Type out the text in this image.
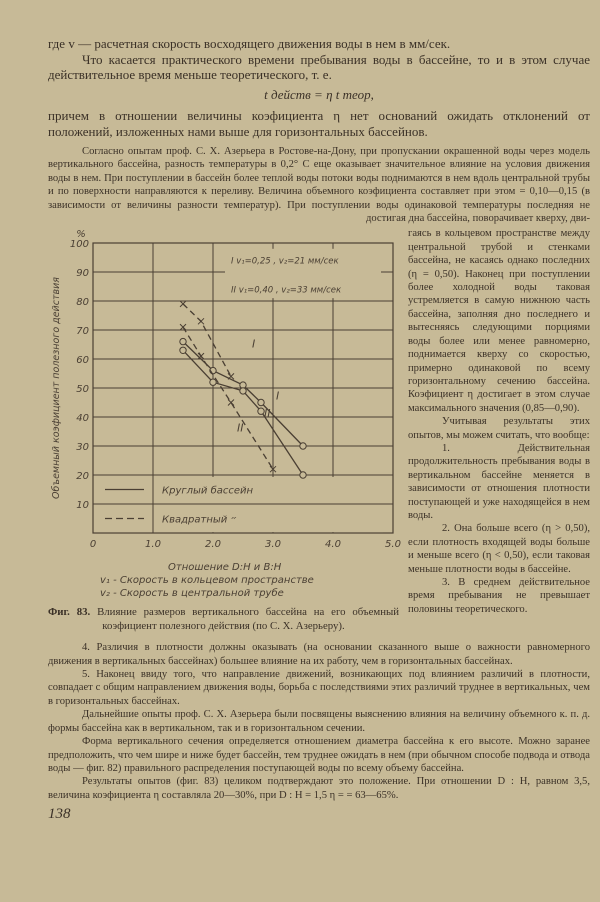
где v — расчетная скорость восходящего движения воды в нем в мм/сек.

Что касается практического времени пребывания воды в бассейне, то и в этом случае действительное время меньше теоретического, т. е.

t действ = η t теор,

причем в отношении величины коэфициента η нет оснований ожидать отклонений от положений, изложенных нами выше для горизонтальных бассейнов.

Согласно опытам проф. С. Х. Азерьера в Ростове-на-Дону, при пропускании окрашенной воды через модель вертикального бассейна, разность температуры в 0,2° С еще оказывает значительное влияние на условия движения воды в нем. При поступлении в бассейн более теплой воды потоки воды поднимаются в нем вдоль центральной трубы и по поверхности направляются к переливу. Величина объемного коэфициента составляет при этом = 0,10—0,15 (в зависимости от величины разности температур). При поступлении воды одинаковой температуры последняя не достигая дна бассейна, поворачивает кверху, дви-

0	1.0	2.0	3.0	4.0	5.0
10
20
30
40
50
60
70
80
90
100
%
Объемный коэфициент полезного действия
I v₁=0,25 , v₂=21 мм/сек
II v₁=0,40 , v₂=33 мм/сек
Круглый бассейн
Квадратный ״
I
I
II
II
Отношение D:H и B:H
v₁ - Скорость в кольцевом пространстве
v₂ - Скорость в центральной трубе
Фиг. 83. Влияние размеров вертикального бассейна на его объемный коэфициент полезного действия (по С. Х. Азерьеру).

гаясь в кольцевом пространстве между центральной трубой и стенками бассейна, не касаясь однако последних (η = 0,50). Наконец при поступлении более холодной воды таковая устремляется в самую нижнюю часть бассейна, заполняя дно последнего и вытесняясь следующими порциями воды более или менее равномерно, поднимается кверху со скоростью, примерно одинаковой по всему горизонтальному сечению бассейна. Коэфициент η достигает в этом случае максимального значения (0,85—0,90).

Учитывая результаты этих опытов, мы можем считать, что вообще:

1. Действительная продолжительность пребывания воды в вертикальном бассейне меняется в зависимости от отношения плотности поступающей и уже находящейся в нем воды.

2. Она больше всего (η > 0,50), если плотность входящей воды больше и меньше всего (η < 0,50), если таковая меньше плотности воды в бассейне.

3. В среднем действительное время пребывания не превышает половины теоретического.

4. Различия в плотности должны оказывать (на основании сказанного выше о важности равномерного движения в вертикальных бассейнах) большее влияние на их работу, чем в горизонтальных бассейнах.

5. Наконец ввиду того, что направление движений, возникающих под влиянием различий в плотности, совпадает с общим направлением движения воды, борьба с последствиями этих различий труднее в вертикальных, чем в горизонтальных бассейнах.

Дальнейшие опыты проф. С. Х. Азерьера были посвящены выяснению влияния на величину объемного к. п. д. формы бассейна как в вертикальном, так и в горизонтальном сечении.

Форма вертикального сечения определяется отношением диаметра бассейна к его высоте. Можно заранее предположить, что чем шире и ниже будет бассейн, тем труднее ожидать в нем (при обычном способе подвода и отвода воды — фиг. 82) правильного распределения поступающей воды по всему объему бассейна.

Результаты опытов (фиг. 83) целиком подтверждают это положение. При отношении D : H, равном 3,5, величина коэфициента η составляла 20—30%, при D : H = 1,5 η = = 63—65%.

138
